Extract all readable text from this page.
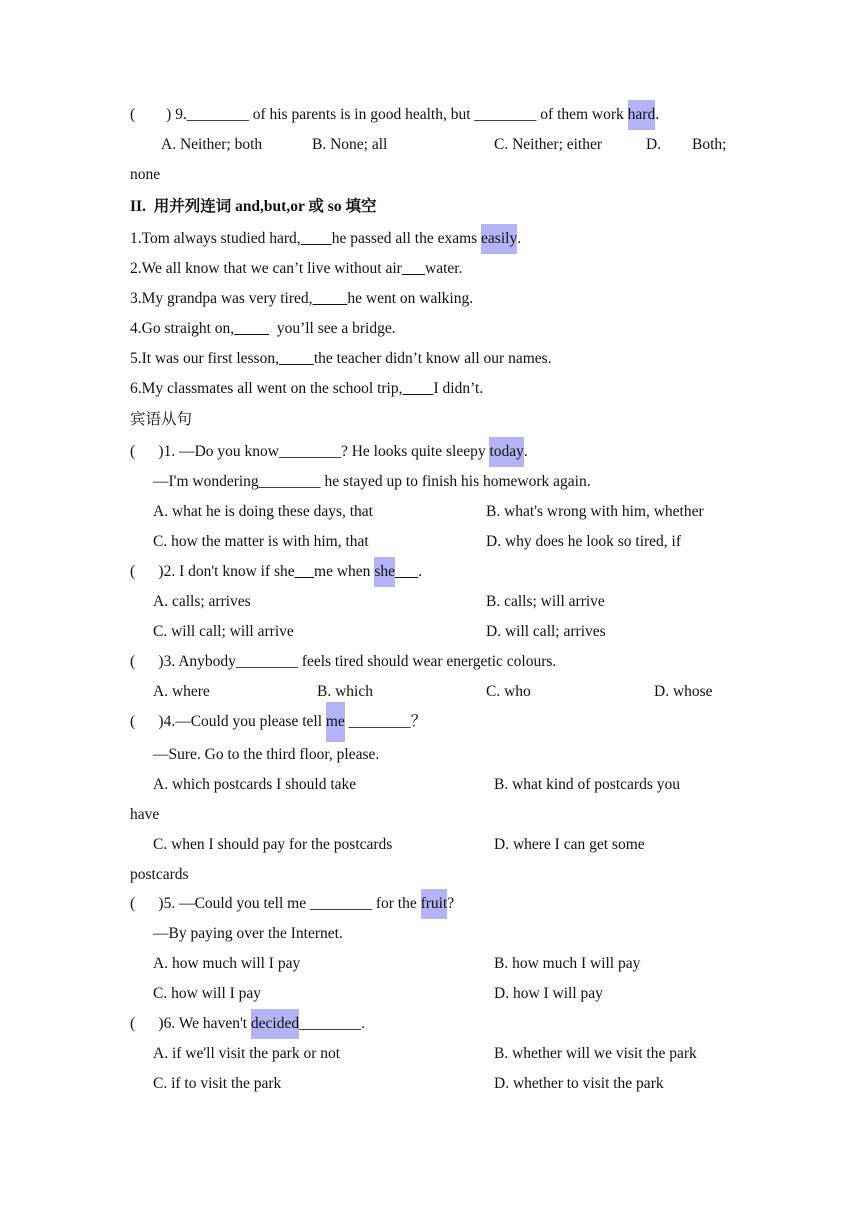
(        ) 9.________ of his parents is in good health, but ________ of them work hard.
A. Neither; both	B. None; all	C. Neither; either	D. Both;
none
II.  用并列连词 and,but,or 或 so 填空
1.Tom always studied hard, he passed all the exams easily.
2.We all know that we can’t live without air water.
3.My grandpa was very tired, he went on walking.
4.Go straight on,           you’ll see a bridge.
5.It was our first lesson, the teacher didn’t know all our names.
6.My classmates all went on the school trip, I didn’t.
宾语从句
(      )1. —Do you know________? He looks quite sleepy today.
—I'm wondering________ he stayed up to finish his homework again.
A. what he is doing these days, that	B. what's wrong with him, whether
C. how the matter is with him, that	D. why does he look so tired, if
(      )2. I don't know if she me when she .
A. calls; arrives	B. calls; will arrive
C. will call; will arrive	D. will call; arrives
(      )3. Anybody________ feels tired should wear energetic colours.
A. where	B. which	C. who	D. whose
(      )4.—Could you please tell me ________？
—Sure. Go to the third floor, please.
A. which postcards I should take	B. what kind of postcards you
have
C. when I should pay for the postcards	D. where I can get some
postcards
(      )5. —Could you tell me ________ for the fruit?
—By paying over the Internet.
A. how much will I pay	B. how much I will pay
C. how will I pay	D. how I will pay
(      )6. We haven't decided________.
A. if we'll visit the park or not	B. whether will we visit the park
C. if to visit the park	D. whether to visit the park
